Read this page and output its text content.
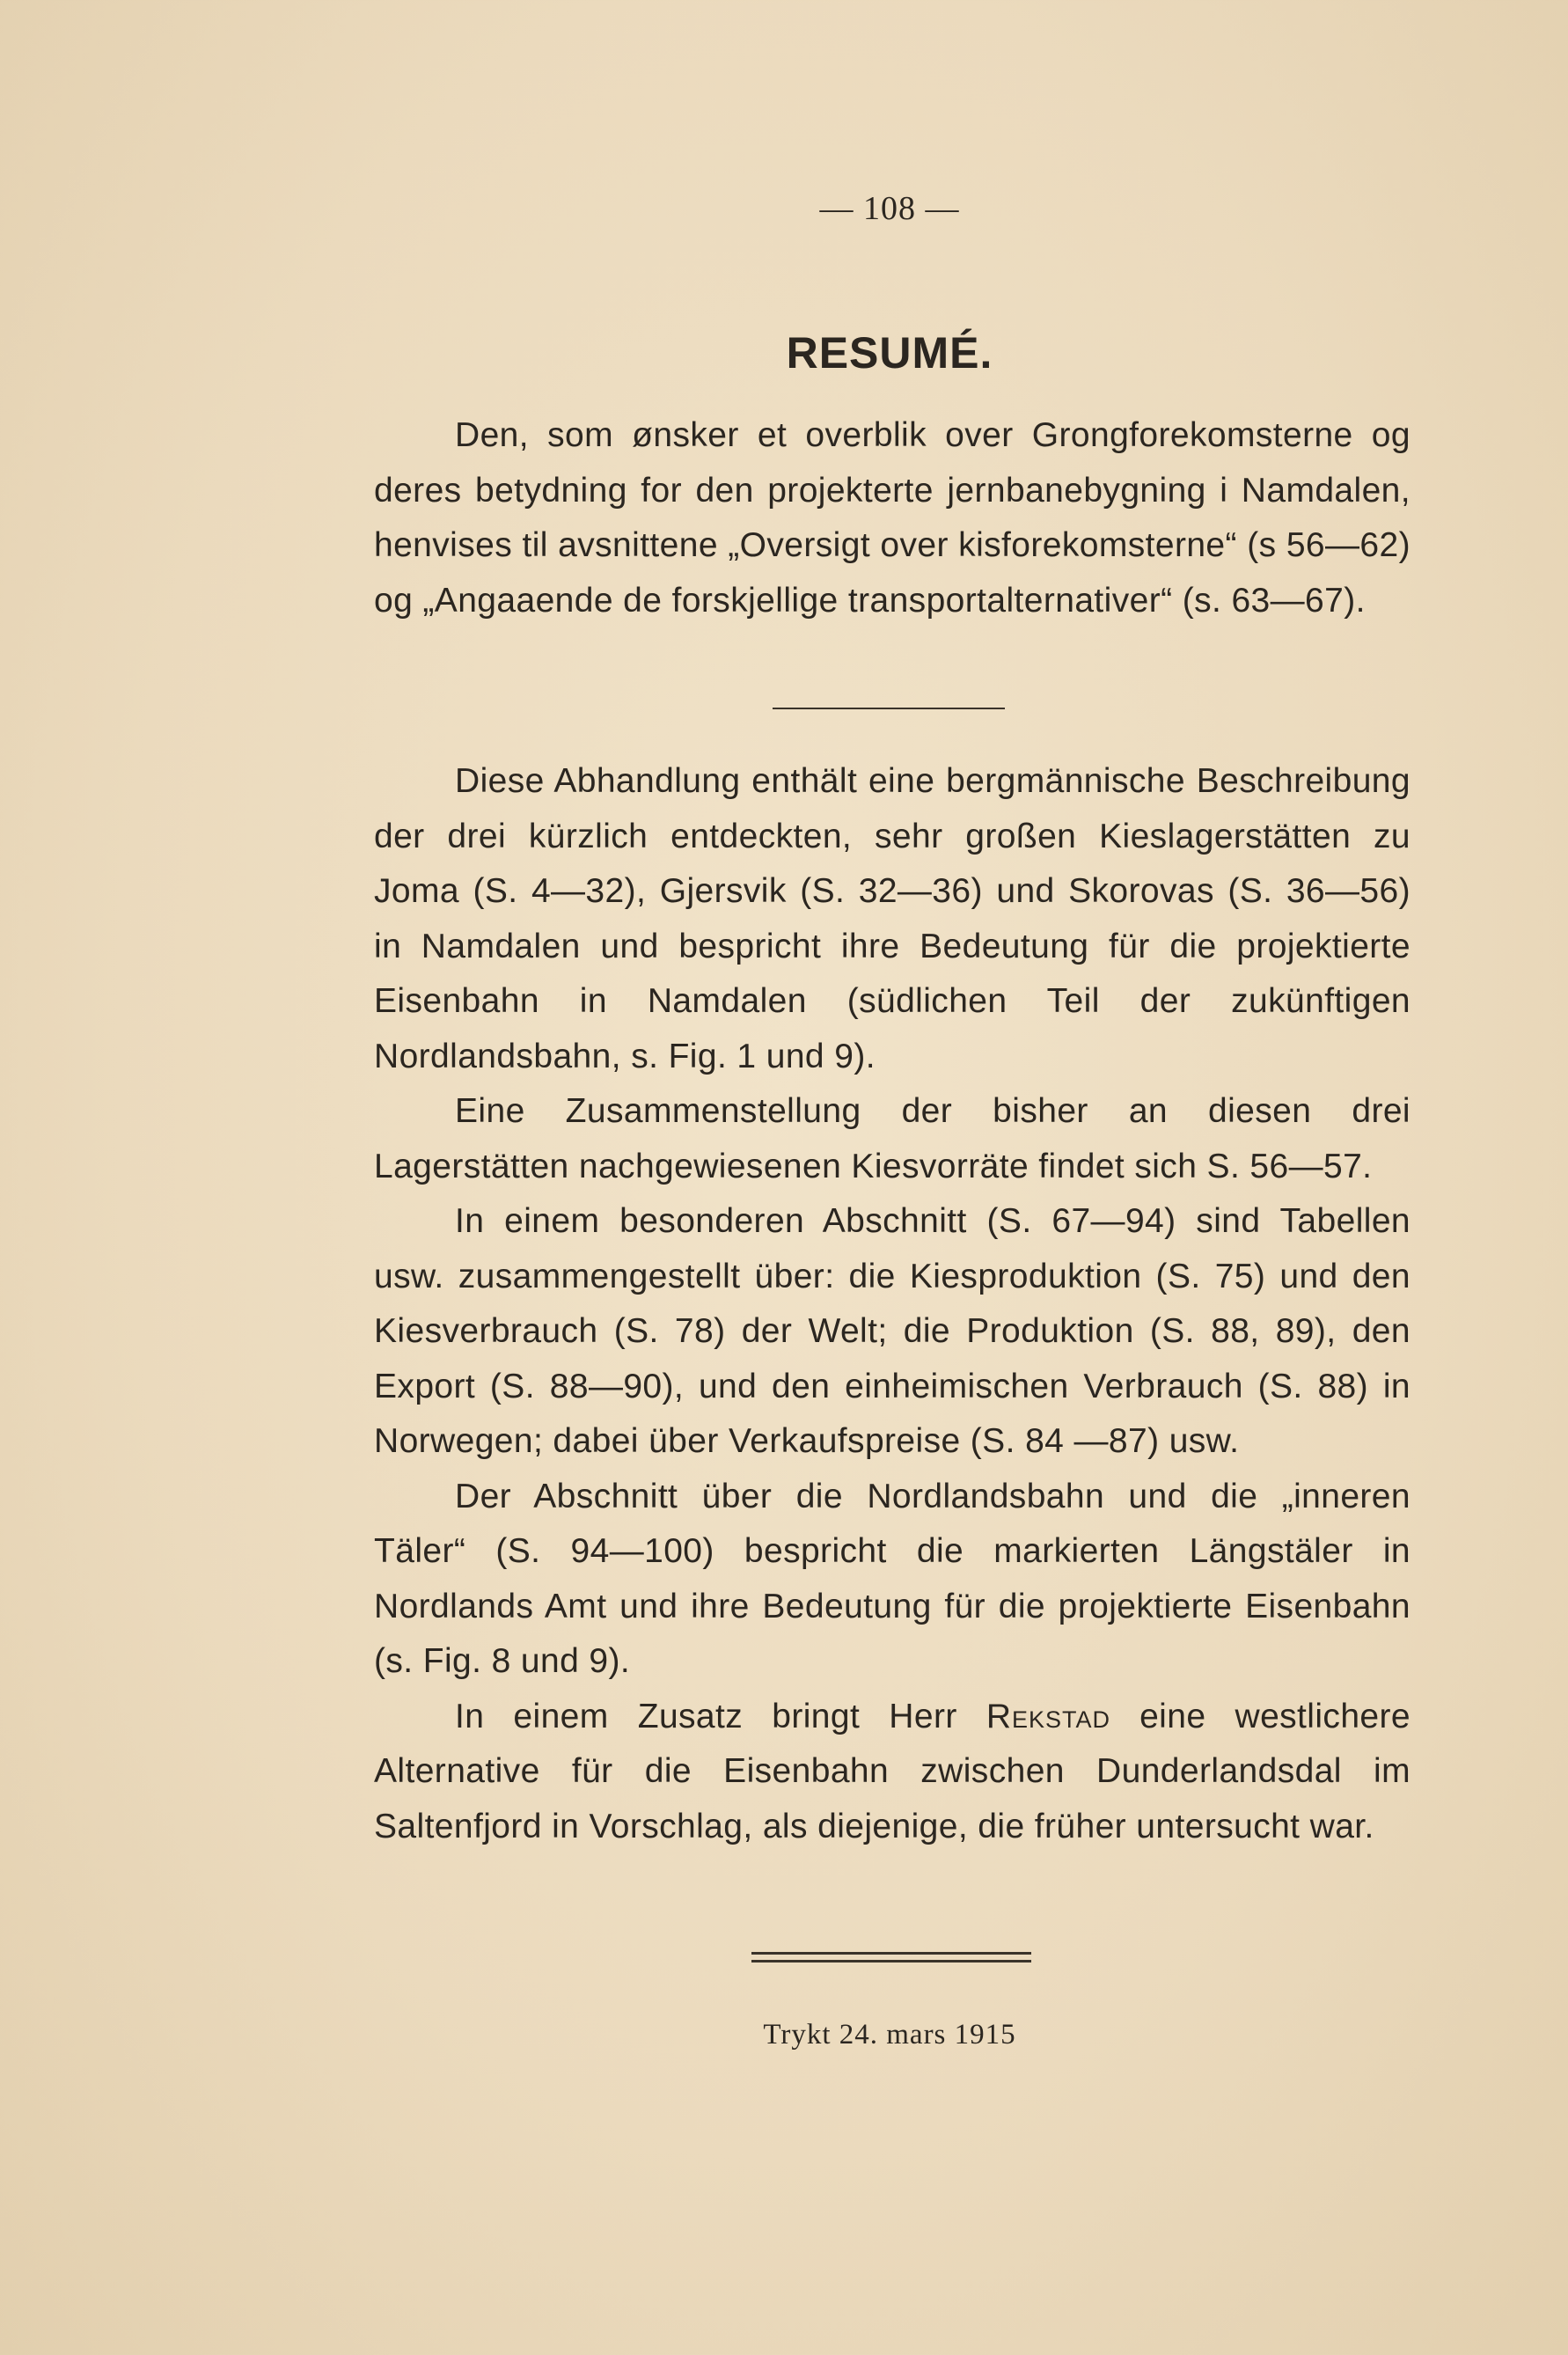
— 108 —
RESUMÉ.

Den, som ønsker et overblik over Grongforekomsterne og deres betydning for den projekterte jernbanebygning i Namdalen, henvises til avsnittene „Oversigt over kisforekomsterne“ (s 56—62) og „Angaaende de forskjellige transportalternativer“ (s. 63—67).

Diese Abhandlung enthält eine bergmännische Beschreibung der drei kürzlich entdeckten, sehr großen Kieslagerstätten zu Joma (S. 4—32), Gjersvik (S. 32—36) und Skorovas (S. 36—56) in Namdalen und bespricht ihre Bedeutung für die projektierte Eisenbahn in Namdalen (südlichen Teil der zukünftigen Nordlandsbahn, s. Fig. 1 und 9).

Eine Zusammenstellung der bisher an diesen drei Lagerstätten nachgewiesenen Kiesvorräte findet sich S. 56—57.

In einem besonderen Abschnitt (S. 67—94) sind Tabellen usw. zusammengestellt über: die Kiesproduktion (S. 75) und den Kiesverbrauch (S. 78) der Welt; die Produktion (S. 88, 89), den Export (S. 88—90), und den einheimischen Verbrauch (S. 88) in Norwegen; dabei über Verkaufspreise (S. 84 —87) usw.

Der Abschnitt über die Nordlandsbahn und die „inneren Täler“ (S. 94—100) bespricht die markierten Längstäler in Nordlands Amt und ihre Bedeutung für die projektierte Eisenbahn (s. Fig. 8 und 9).

In einem Zusatz bringt Herr Rekstad eine westlichere Alternative für die Eisenbahn zwischen Dunderlandsdal im Saltenfjord in Vorschlag, als diejenige, die früher untersucht war.

Trykt 24. mars 1915
